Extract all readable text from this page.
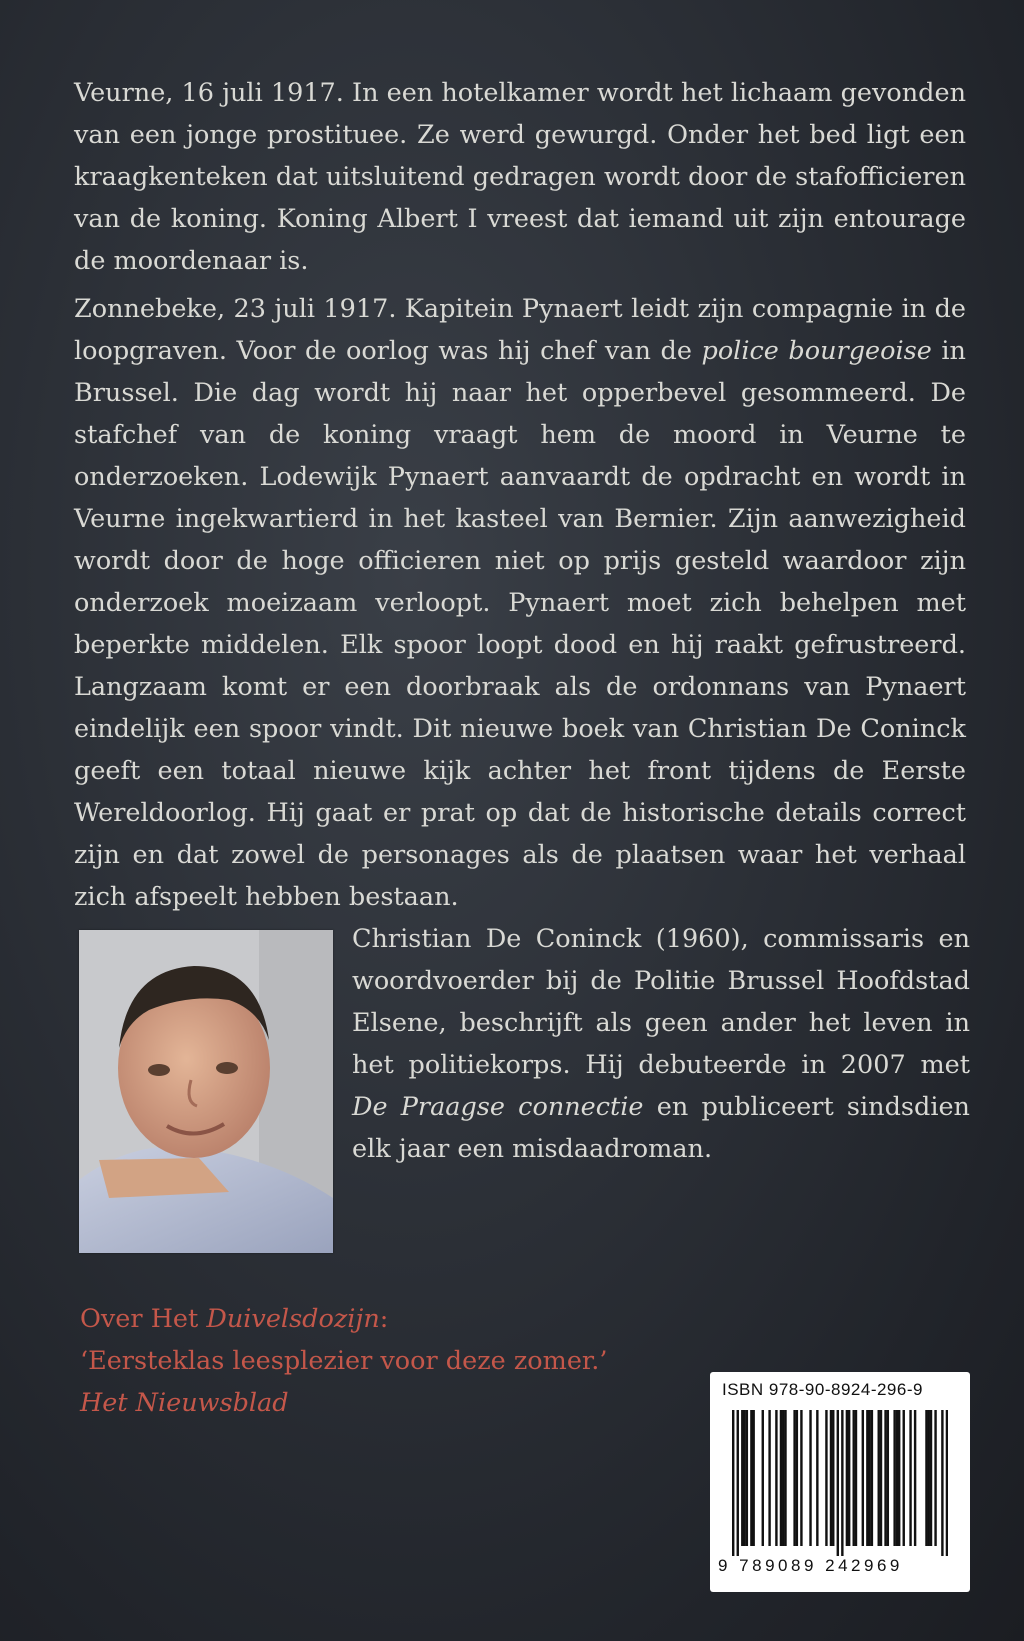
Veurne, 16 juli 1917. In een hotelkamer wordt het lichaam gevonden van een jonge prostituee. Ze werd gewurgd. Onder het bed ligt een kraagkenteken dat uitsluitend gedragen wordt door de stafofficieren van de koning. Koning Albert I vreest dat iemand uit zijn entourage de moordenaar is.

Zonnebeke, 23 juli 1917. Kapitein Pynaert leidt zijn compagnie in de loopgraven. Voor de oorlog was hij chef van de police bourgeoise in Brussel. Die dag wordt hij naar het opperbevel gesommeerd. De stafchef van de koning vraagt hem de moord in Veurne te onderzoeken. Lodewijk Pynaert aanvaardt de opdracht en wordt in Veurne ingekwartierd in het kasteel van Bernier. Zijn aanwezigheid wordt door de hoge officieren niet op prijs gesteld waardoor zijn onderzoek moeizaam verloopt. Pynaert moet zich behelpen met beperkte middelen. Elk spoor loopt dood en hij raakt gefrustreerd. Langzaam komt er een doorbraak als de ordonnans van Pynaert eindelijk een spoor vindt. Dit nieuwe boek van Christian De Coninck geeft een totaal nieuwe kijk achter het front tijdens de Eerste Wereldoorlog. Hij gaat er prat op dat de historische details correct zijn en dat zowel de personages als de plaatsen waar het verhaal zich afspeelt hebben bestaan.

Christian De Coninck (1960), commissaris en woordvoerder bij de Politie Brussel Hoofdstad Elsene, beschrijft als geen ander het leven in het politiekorps. Hij debuteerde in 2007 met De Praagse connectie en publiceert sindsdien elk jaar een misdaadroman.

Over Het Duivelsdozijn:
‘Eersteklas leesplezier voor deze zomer.’
Het Nieuwsblad	ISBN 978-90-8924-296-9
9 789089 242969
